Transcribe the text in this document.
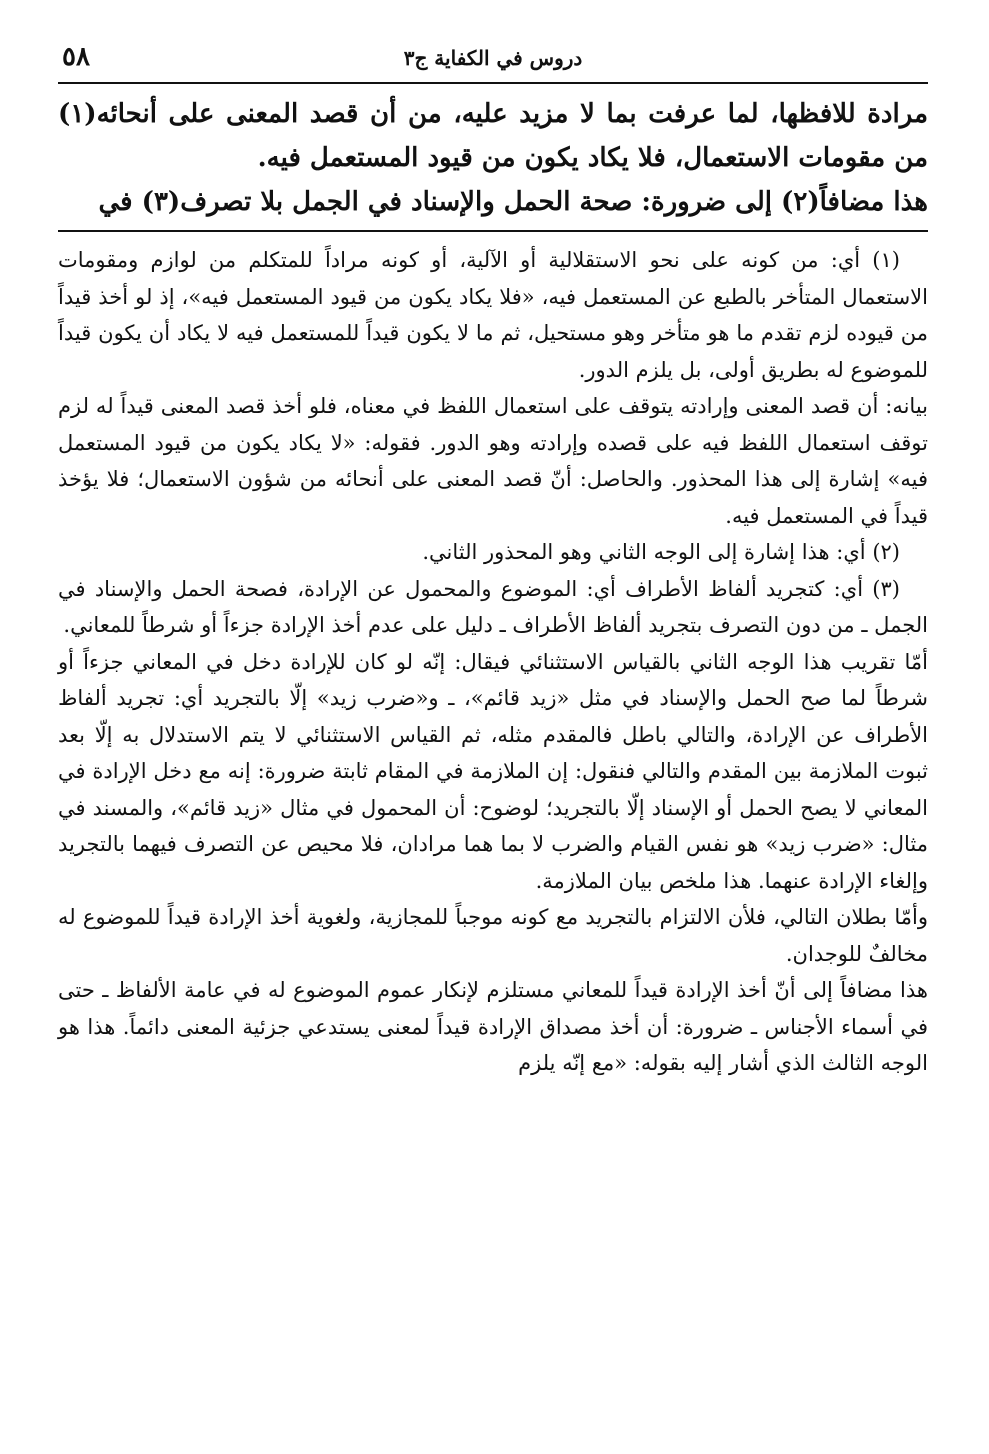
٥٨	دروس في الكفاية ج٣

مرادة للافظها، لما عرفت بما لا مزيد عليه، من أن قصد المعنى على أنحائه(١) من مقومات الاستعمال، فلا يكاد يكون من قيود المستعمل فيه.

هذا مضافاً(٢) إلى ضرورة: صحة الحمل والإسناد في الجمل بلا تصرف(٣) في

(١) أي: من كونه على نحو الاستقلالية أو الآلية، أو كونه مراداً للمتكلم من لوازم ومقومات الاستعمال المتأخر بالطبع عن المستعمل فيه، «فلا يكاد يكون من قيود المستعمل فيه»، إذ لو أخذ قيداً من قيوده لزم تقدم ما هو متأخر وهو مستحيل، ثم ما لا يكون قيداً للمستعمل فيه لا يكاد أن يكون قيداً للموضوع له بطريق أولى، بل يلزم الدور.

بيانه: أن قصد المعنى وإرادته يتوقف على استعمال اللفظ في معناه، فلو أخذ قصد المعنى قيداً له لزم توقف استعمال اللفظ فيه على قصده وإرادته وهو الدور. فقوله: «لا يكاد يكون من قيود المستعمل فيه» إشارة إلى هذا المحذور. والحاصل: أنّ قصد المعنى على أنحائه من شؤون الاستعمال؛ فلا يؤخذ قيداً في المستعمل فيه.

(٢) أي: هذا إشارة إلى الوجه الثاني وهو المحذور الثاني.

(٣) أي: كتجريد ألفاظ الأطراف أي: الموضوع والمحمول عن الإرادة، فصحة الحمل والإسناد في الجمل ـ من دون التصرف بتجريد ألفاظ الأطراف ـ دليل على عدم أخذ الإرادة جزءاً أو شرطاً للمعاني.

أمّا تقريب هذا الوجه الثاني بالقياس الاستثنائي فيقال: إنّه لو كان للإرادة دخل في المعاني جزءاً أو شرطاً لما صح الحمل والإسناد في مثل «زيد قائم»، ـ و«ضرب زيد» إلّا بالتجريد أي: تجريد ألفاظ الأطراف عن الإرادة، والتالي باطل فالمقدم مثله، ثم القياس الاستثنائي لا يتم الاستدلال به إلّا بعد ثبوت الملازمة بين المقدم والتالي فنقول: إن الملازمة في المقام ثابتة ضرورة: إنه مع دخل الإرادة في المعاني لا يصح الحمل أو الإسناد إلّا بالتجريد؛ لوضوح: أن المحمول في مثال «زيد قائم»، والمسند في مثال: «ضرب زيد» هو نفس القيام والضرب لا بما هما مرادان، فلا محيص عن التصرف فيهما بالتجريد وإلغاء الإرادة عنهما. هذا ملخص بيان الملازمة.

وأمّا بطلان التالي، فلأن الالتزام بالتجريد مع كونه موجباً للمجازية، ولغوية أخذ الإرادة قيداً للموضوع له مخالفٌ للوجدان.

هذا مضافاً إلى أنّ أخذ الإرادة قيداً للمعاني مستلزم لإنكار عموم الموضوع له في عامة الألفاظ ـ حتى في أسماء الأجناس ـ ضرورة: أن أخذ مصداق الإرادة قيداً لمعنى يستدعي جزئية المعنى دائماً. هذا هو الوجه الثالث الذي أشار إليه بقوله: «مع إنّه يلزم
